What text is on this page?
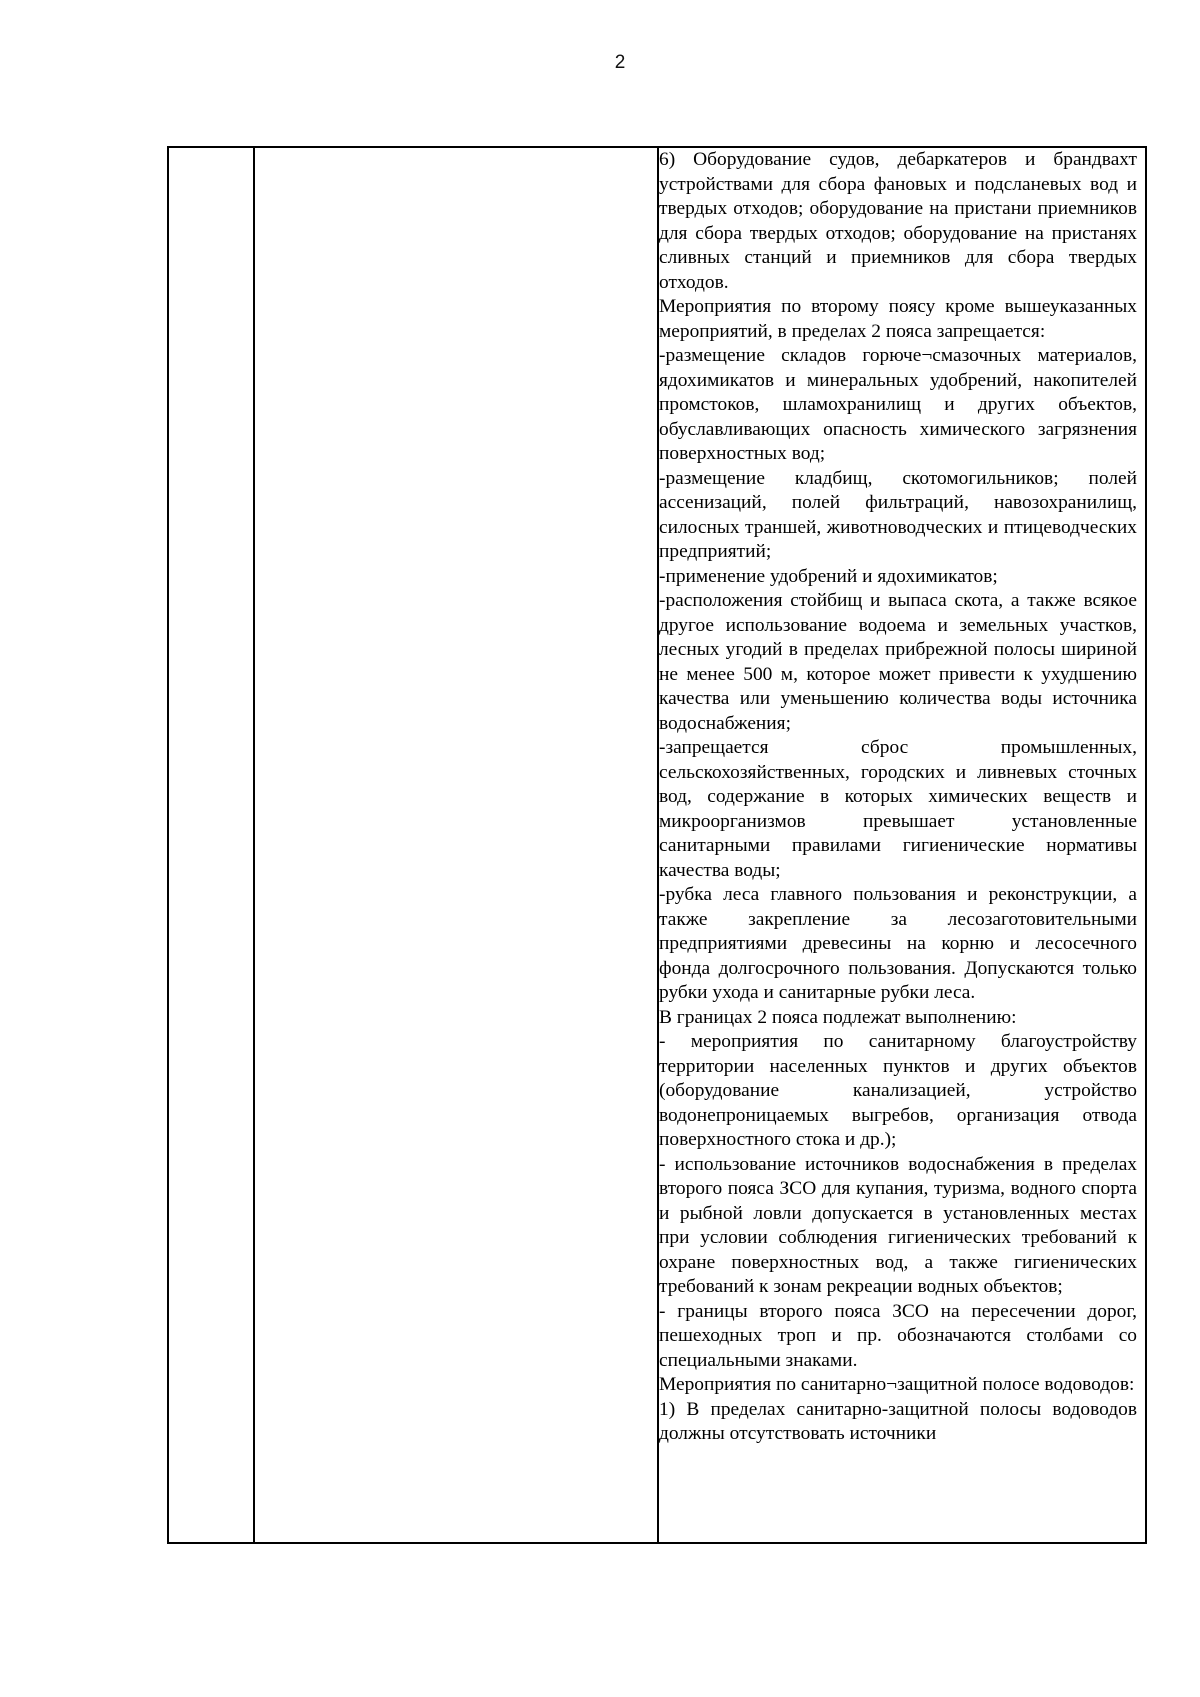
2

6) Оборудование судов, дебаркатеров и брандвахт устройствами для сбора фановых и подсланевых вод и твердых отходов; оборудование на пристани приемников для сбора твердых отходов; оборудование на пристанях сливных станций и приемников для сбора твердых отходов.

Мероприятия по второму поясу кроме вышеуказанных мероприятий, в пределах 2 пояса запрещается:

-размещение складов горюче¬смазочных материалов, ядохимикатов и минеральных удобрений, накопителей промстоков, шламохранилищ и других объектов, обуславливающих опасность химического загрязнения поверхностных вод;

-размещение кладбищ, скотомогильников; полей ассенизаций, полей фильтраций, навозохранилищ, силосных траншей, животноводческих и птицеводческих предприятий;

-применение удобрений и ядохимикатов;

-расположения стойбищ и выпаса скота, а также всякое другое использование водоема и земельных участков, лесных угодий в пределах прибрежной полосы шириной не менее 500 м, которое может привести к ухудшению качества или уменьшению количества воды источника водоснабжения;

-запрещается сброс промышленных, сельскохозяйственных, городских и ливневых сточных вод, содержание в которых химических веществ и микроорганизмов превышает установленные санитарными правилами гигиенические нормативы качества воды;

-рубка леса главного пользования и реконструкции, а также закрепление за лесозаготовительными предприятиями древесины на корню и лесосечного фонда долгосрочного пользования. Допускаются только рубки ухода и санитарные рубки леса.

В границах 2 пояса подлежат выполнению:

- мероприятия по санитарному благоустройству территории населенных пунктов и других объектов (оборудование канализацией, устройство водонепроницаемых выгребов, организация отвода поверхностного стока и др.);

- использование источников водоснабжения в пределах второго пояса ЗСО для купания, туризма, водного спорта и рыбной ловли допускается в установленных местах при условии соблюдения гигиенических требований к охране поверхностных вод, а также гигиенических требований к зонам рекреации водных объектов;

- границы второго пояса ЗСО на пересечении дорог, пешеходных троп и пр. обозначаются столбами со специальными знаками.

Мероприятия по санитарно¬защитной полосе водоводов:

1) В пределах санитарно-защитной полосы водоводов должны отсутствовать источники
